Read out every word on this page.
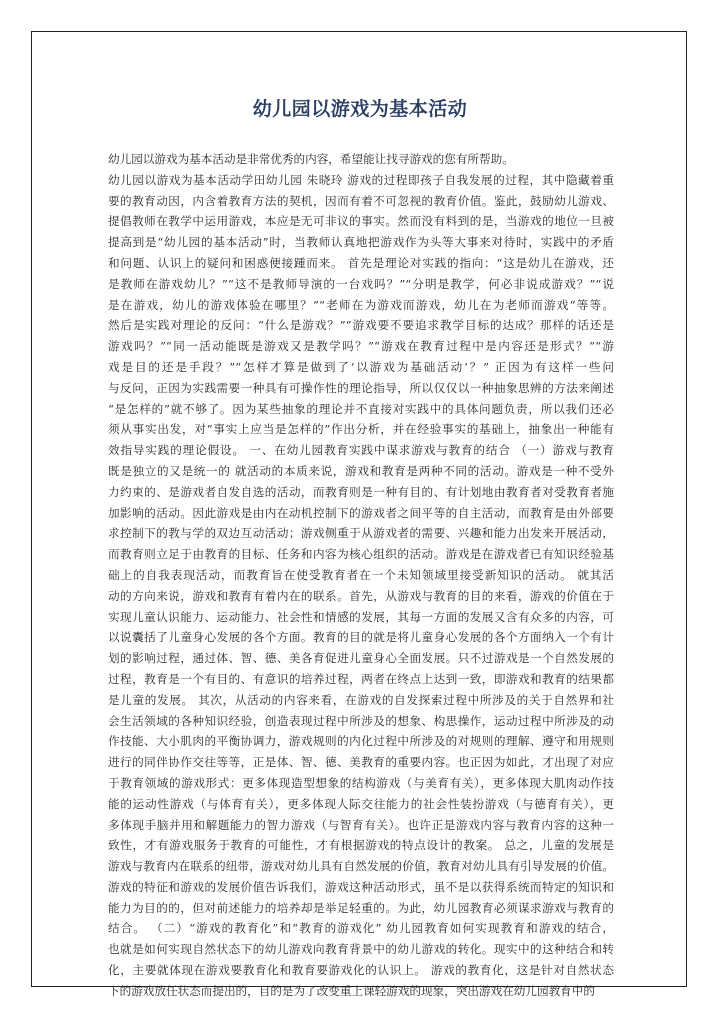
幼儿园以游戏为基本活动
幼儿园以游戏为基本活动是非常优秀的内容，希望能让找寻游戏的您有所帮助。
幼儿园以游戏为基本活动学田幼儿园 朱晓玲 游戏的过程即孩子自我发展的过程，其中隐藏着重
要的教育动因，内含着教育方法的契机，因而有着不可忽视的教育价值。鉴此，鼓励幼儿游戏、
提倡教师在教学中运用游戏，本应是无可非议的事实。然而没有料到的是，当游戏的地位一旦被
提高到是“幼儿园的基本活动”时，当教师认真地把游戏作为头等大事来对待时，实践中的矛盾
和问题、认识上的疑问和困惑便接踵而来。 首先是理论对实践的指向：“这是幼儿在游戏，还
是教师在游戏幼儿？”“这不是教师导演的一台戏吗？”“分明是教学，何必非说成游戏？”“说
是在游戏，幼儿的游戏体验在哪里？”“老师在为游戏而游戏，幼儿在为老师而游戏”等等。
然后是实践对理论的反问：“什么是游戏？”“游戏要不要追求教学目标的达成？那样的话还是
游戏吗？”“同一活动能既是游戏又是教学吗？”“游戏在教育过程中是内容还是形式？”“游
戏是目的还是手段？”“怎样才算是做到了‘以游戏为基础活动’？” 正因为有这样一些问
与反问，正因为实践需要一种具有可操作性的理论指导，所以仅仅以一种抽象思辨的方法来阐述
“是怎样的”就不够了。因为某些抽象的理论并不直接对实践中的具体问题负责，所以我们还必
须从事实出发，对“事实上应当是怎样的”作出分析，并在经验事实的基础上，抽象出一种能有
效指导实践的理论假设。 一、在幼儿园教育实践中谋求游戏与教育的结合 （一）游戏与教育
既是独立的又是统一的 就活动的本质来说，游戏和教育是两种不同的活动。游戏是一种不受外
力约束的、是游戏者自发自选的活动，而教育则是一种有目的、有计划地由教育者对受教育者施
加影响的活动。因此游戏是由内在动机控制下的游戏者之间平等的自主活动，而教育是由外部要
求控制下的教与学的双边互动活动；游戏侧重于从游戏者的需要、兴趣和能力出发来开展活动，
而教育则立足于由教育的目标、任务和内容为核心组织的活动。游戏是在游戏者已有知识经验基
础上的自我表现活动，而教育旨在使受教育者在一个未知领域里接受新知识的活动。 就其活
动的方向来说，游戏和教育有着内在的联系。首先，从游戏与教育的目的来看，游戏的价值在于
实现儿童认识能力、运动能力、社会性和情感的发展，其每一方面的发展又含有众多的内容，可
以说囊括了儿童身心发展的各个方面。教育的目的就是将儿童身心发展的各个方面纳入一个有计
划的影响过程，通过体、智、德、美各育促进儿童身心全面发展。只不过游戏是一个自然发展的
过程，教育是一个有目的、有意识的培养过程，两者在终点上达到一致，即游戏和教育的结果都
是儿童的发展。 其次，从活动的内容来看，在游戏的自发探索过程中所涉及的关于自然界和社
会生活领域的各种知识经验，创造表现过程中所涉及的想象、构思操作，运动过程中所涉及的动
作技能、大小肌肉的平衡协调力，游戏规则的内化过程中所涉及的对规则的理解、遵守和用规则
进行的同伴协作交往等等，正是体、智、德、美教育的重要内容。也正因为如此，才出现了对应
于教育领域的游戏形式：更多体现造型想象的结构游戏（与美育有关），更多体现大肌肉动作技
能的运动性游戏（与体育有关），更多体现人际交往能力的社会性装扮游戏（与德育有关），更
多体现手脑并用和解题能力的智力游戏（与智育有关）。也许正是游戏内容与教育内容的这种一
致性，才有游戏服务于教育的可能性，才有根据游戏的特点设计的教案。 总之，儿童的发展是
游戏与教育内在联系的纽带，游戏对幼儿具有自然发展的价值，教育对幼儿具有引导发展的价值。
游戏的特征和游戏的发展价值告诉我们，游戏这种活动形式，虽不是以获得系统而特定的知识和
能力为目的的，但对前述能力的培养却是举足轻重的。为此，幼儿园教育必须谋求游戏与教育的
结合。 （二）“游戏的教育化”和“教育的游戏化” 幼儿园教育如何实现教育和游戏的结合，
也就是如何实现自然状态下的幼儿游戏向教育背景中的幼儿游戏的转化。现实中的这种结合和转
化，主要就体现在游戏要教育化和教育要游戏化的认识上。 游戏的教育化，这是针对自然状态
下的游戏放任状态而提出的，目的是为了改变重上课轻游戏的现象，突出游戏在幼儿园教育中的
